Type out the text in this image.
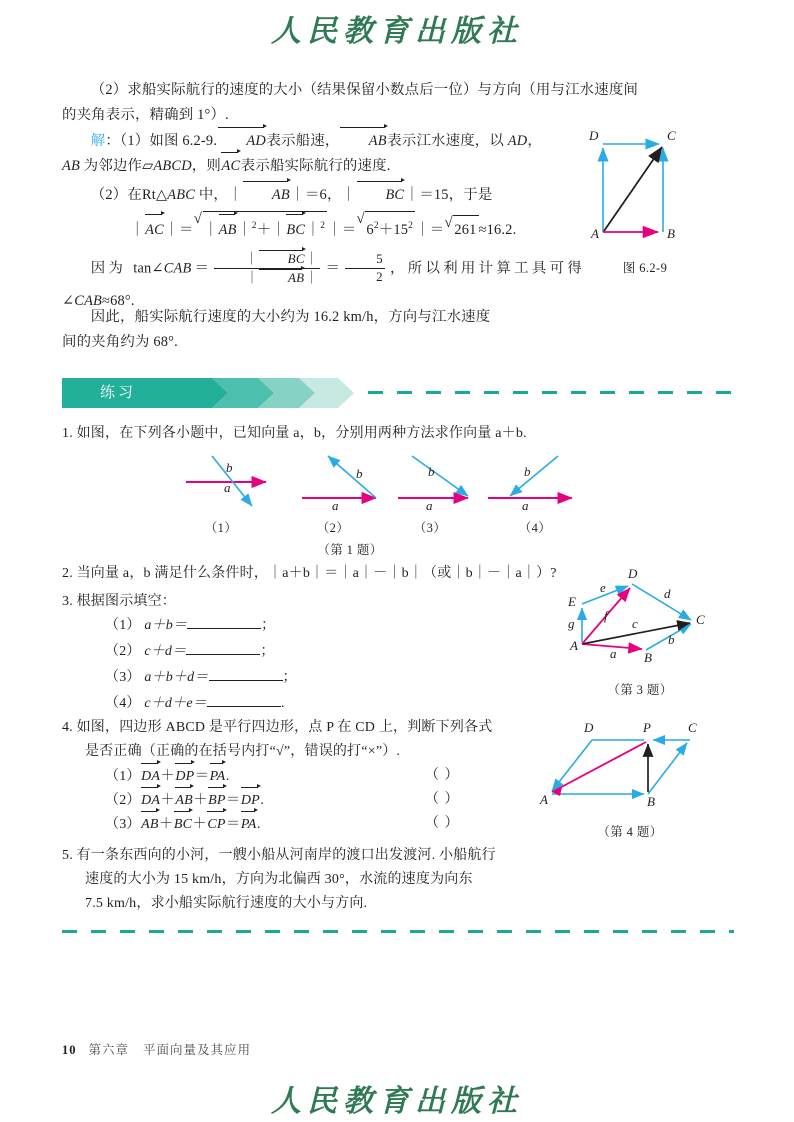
人民教育出版社
（2）求船实际航行的速度的大小（结果保留小数点后一位）与方向（用与江水速度间
的夹角表示，精确到 1°）.
解：（1）如图 6.2-9. AD表示船速， AB表示江水速度，以 AD，
AB 为邻边作▱ABCD，则AC表示船实际航行的速度.
（2）在Rt△ABC 中，｜ AB｜＝6，｜ BC｜＝15，于是
｜AC｜＝
√
｜AB｜$^2$＋｜BC｜$^2$ ｜＝
√
$6^2+15^2$ ｜＝ √ 261 ≈16.2.
因为 tan∠CAB＝ $\frac{| BC|}{| AB|} = \frac{5}{2}$ ，所以利用计算工具可得∠CAB≈68°.
因此，船实际航行速度的大小约为 16.2 km/h，方向与江水速度
间的夹角约为 68°.
A	B
C
D
图 6.2-9
练习
1. 如图，在下列各小题中，已知向量 a，b，分别用两种方法求作向量 a＋b.
a
b
a
b
a
b
a
b
（1）	（2）	（3）	（4）
（第 1 题）
2. 当向量 a，b 满足什么条件时，｜a＋b｜＝｜a｜－｜b｜（或｜b｜－｜a｜）?
3. 根据图示填空：
（1） a＋b＝	；
（2） c＋d＝	；
（3） a＋b＋d＝	；
（4） c＋d＋e＝	.
A
B
C
D
E
a
b
c
d
e
f
g
（第 3 题）
4. 如图，四边形 ABCD 是平行四边形，点 P 在 CD 上，判断下列各式
是否正确（正确的在括号内打“√”，错误的打“×”）.
（1）DA＋DP＝PA.	（ ）
（2）DA＋AB＋BP＝DP.	（ ）
（3）AB＋BC＋CP＝PA.	（ ）
A	B
C
D	P
（第 4 题）
5. 有一条东西向的小河，一艘小船从河南岸的渡口出发渡河. 小船航行
速度的大小为 15 km/h，方向为北偏西 30°，水流的速度为向东
7.5 km/h，求小船实际航行速度的大小与方向.
10 第六章 平面向量及其应用
人民教育出版社
